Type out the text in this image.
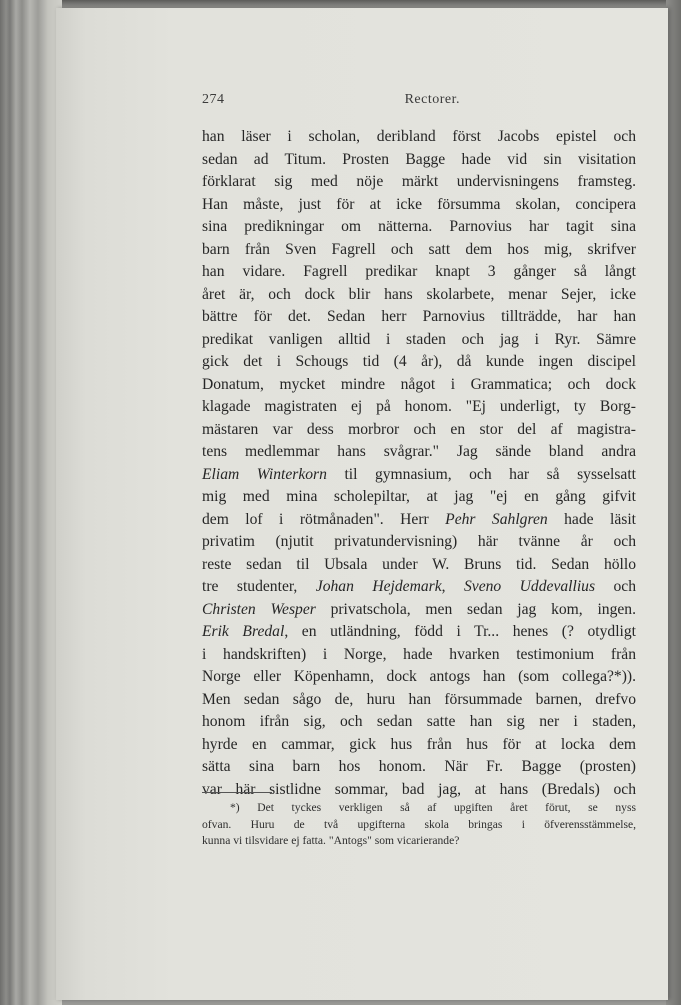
274	Rectorer.
han läser i scholan, deribland först Jacobs epistel och
sedan ad Titum. Prosten Bagge hade vid sin visitation
förklarat sig med nöje märkt undervisningens framsteg.
Han måste, just för at icke försumma skolan, concipera
sina predikningar om nätterna. Parnovius har tagit sina
barn från Sven Fagrell och satt dem hos mig, skrifver
han vidare. Fagrell predikar knapt 3 gånger så långt
året är, och dock blir hans skolarbete, menar Sejer, icke
bättre för det. Sedan herr Parnovius tillträdde, har han
predikat vanligen alltid i staden och jag i Ryr. Sämre
gick det i Schougs tid (4 år), då kunde ingen discipel
Donatum, mycket mindre något i Grammatica; och dock
klagade magistraten ej på honom. "Ej underligt, ty Borg-
mästaren var dess morbror och en stor del af magistra-
tens medlemmar hans svågrar." Jag sände bland andra
Eliam Winterkorn til gymnasium, och har så sysselsatt
mig med mina scholepiltar, at jag "ej en gång gifvit
dem lof i rötmånaden". Herr Pehr Sahlgren hade läsit
privatim (njutit privatundervisning) här tvänne år och
reste sedan til Ubsala under W. Bruns tid. Sedan höllo
tre studenter, Johan Hejdemark, Sveno Uddevallius och
Christen Wesper privatschola, men sedan jag kom, ingen.
Erik Bredal, en utländning, född i Tr... henes (? otydligt
i handskriften) i Norge, hade hvarken testimonium från
Norge eller Köpenhamn, dock antogs han (som collega?*)).
Men sedan sågo de, huru han försummade barnen, drefvo
honom ifrån sig, och sedan satte han sig ner i staden,
hyrde en cammar, gick hus från hus för at locka dem
sätta sina barn hos honom. När Fr. Bagge (prosten)
var här sistlidne sommar, bad jag, at hans (Bredals) och
*) Det tyckes verkligen så af upgiften året förut, se nyss
ofvan. Huru de två upgifterna skola bringas i öfverensstämmelse,
kunna vi tilsvidare ej fatta. "Antogs" som vicarierande?
